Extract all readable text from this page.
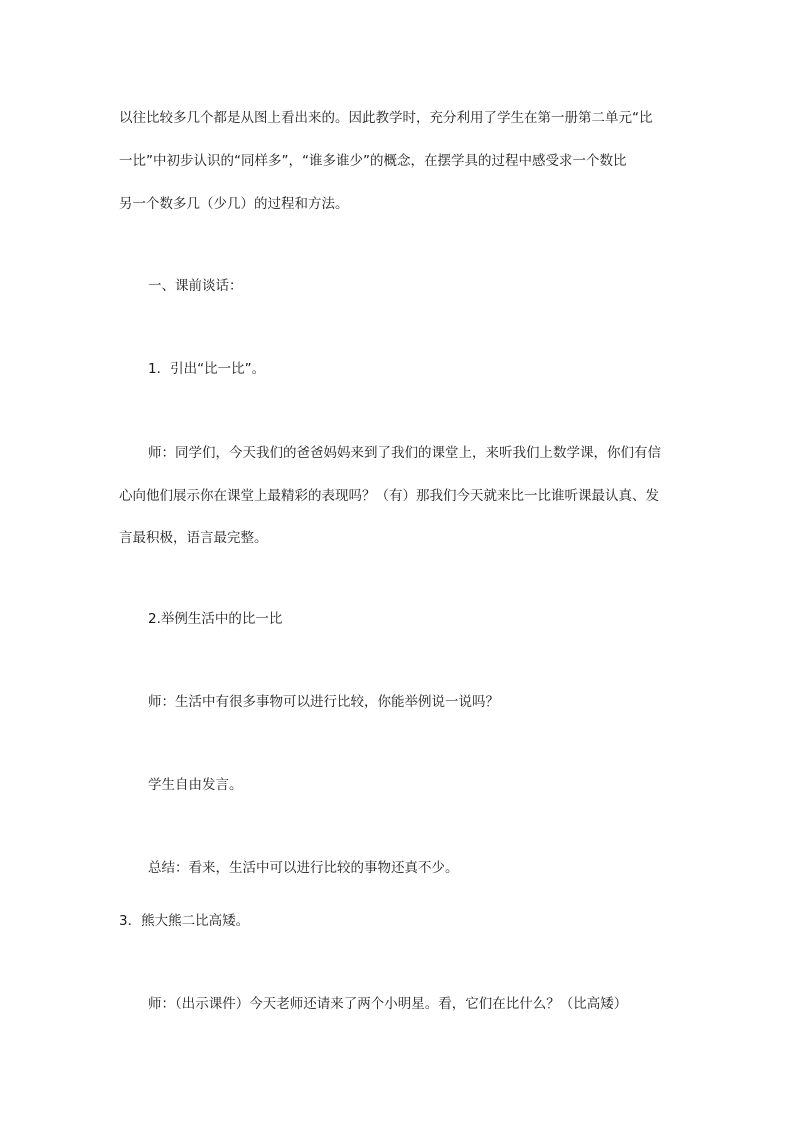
以往比较多几个都是从图上看出来的。因此教学时，充分利用了学生在第一册第二单元“比
一比”中初步认识的“同样多”，“谁多谁少”的概念，在摆学具的过程中感受求一个数比
另一个数多几（少几）的过程和方法。
一、课前谈话：
1．引出“比一比”。
师：同学们，今天我们的爸爸妈妈来到了我们的课堂上，来听我们上数学课，你们有信
心向他们展示你在课堂上最精彩的表现吗？（有）那我们今天就来比一比谁听课最认真、发
言最积极，语言最完整。
2.举例生活中的比一比
师：生活中有很多事物可以进行比较，你能举例说一说吗？
学生自由发言。
总结：看来，生活中可以进行比较的事物还真不少。
3．熊大熊二比高矮。
师：（出示课件）今天老师还请来了两个小明星。看，它们在比什么？（比高矮）
